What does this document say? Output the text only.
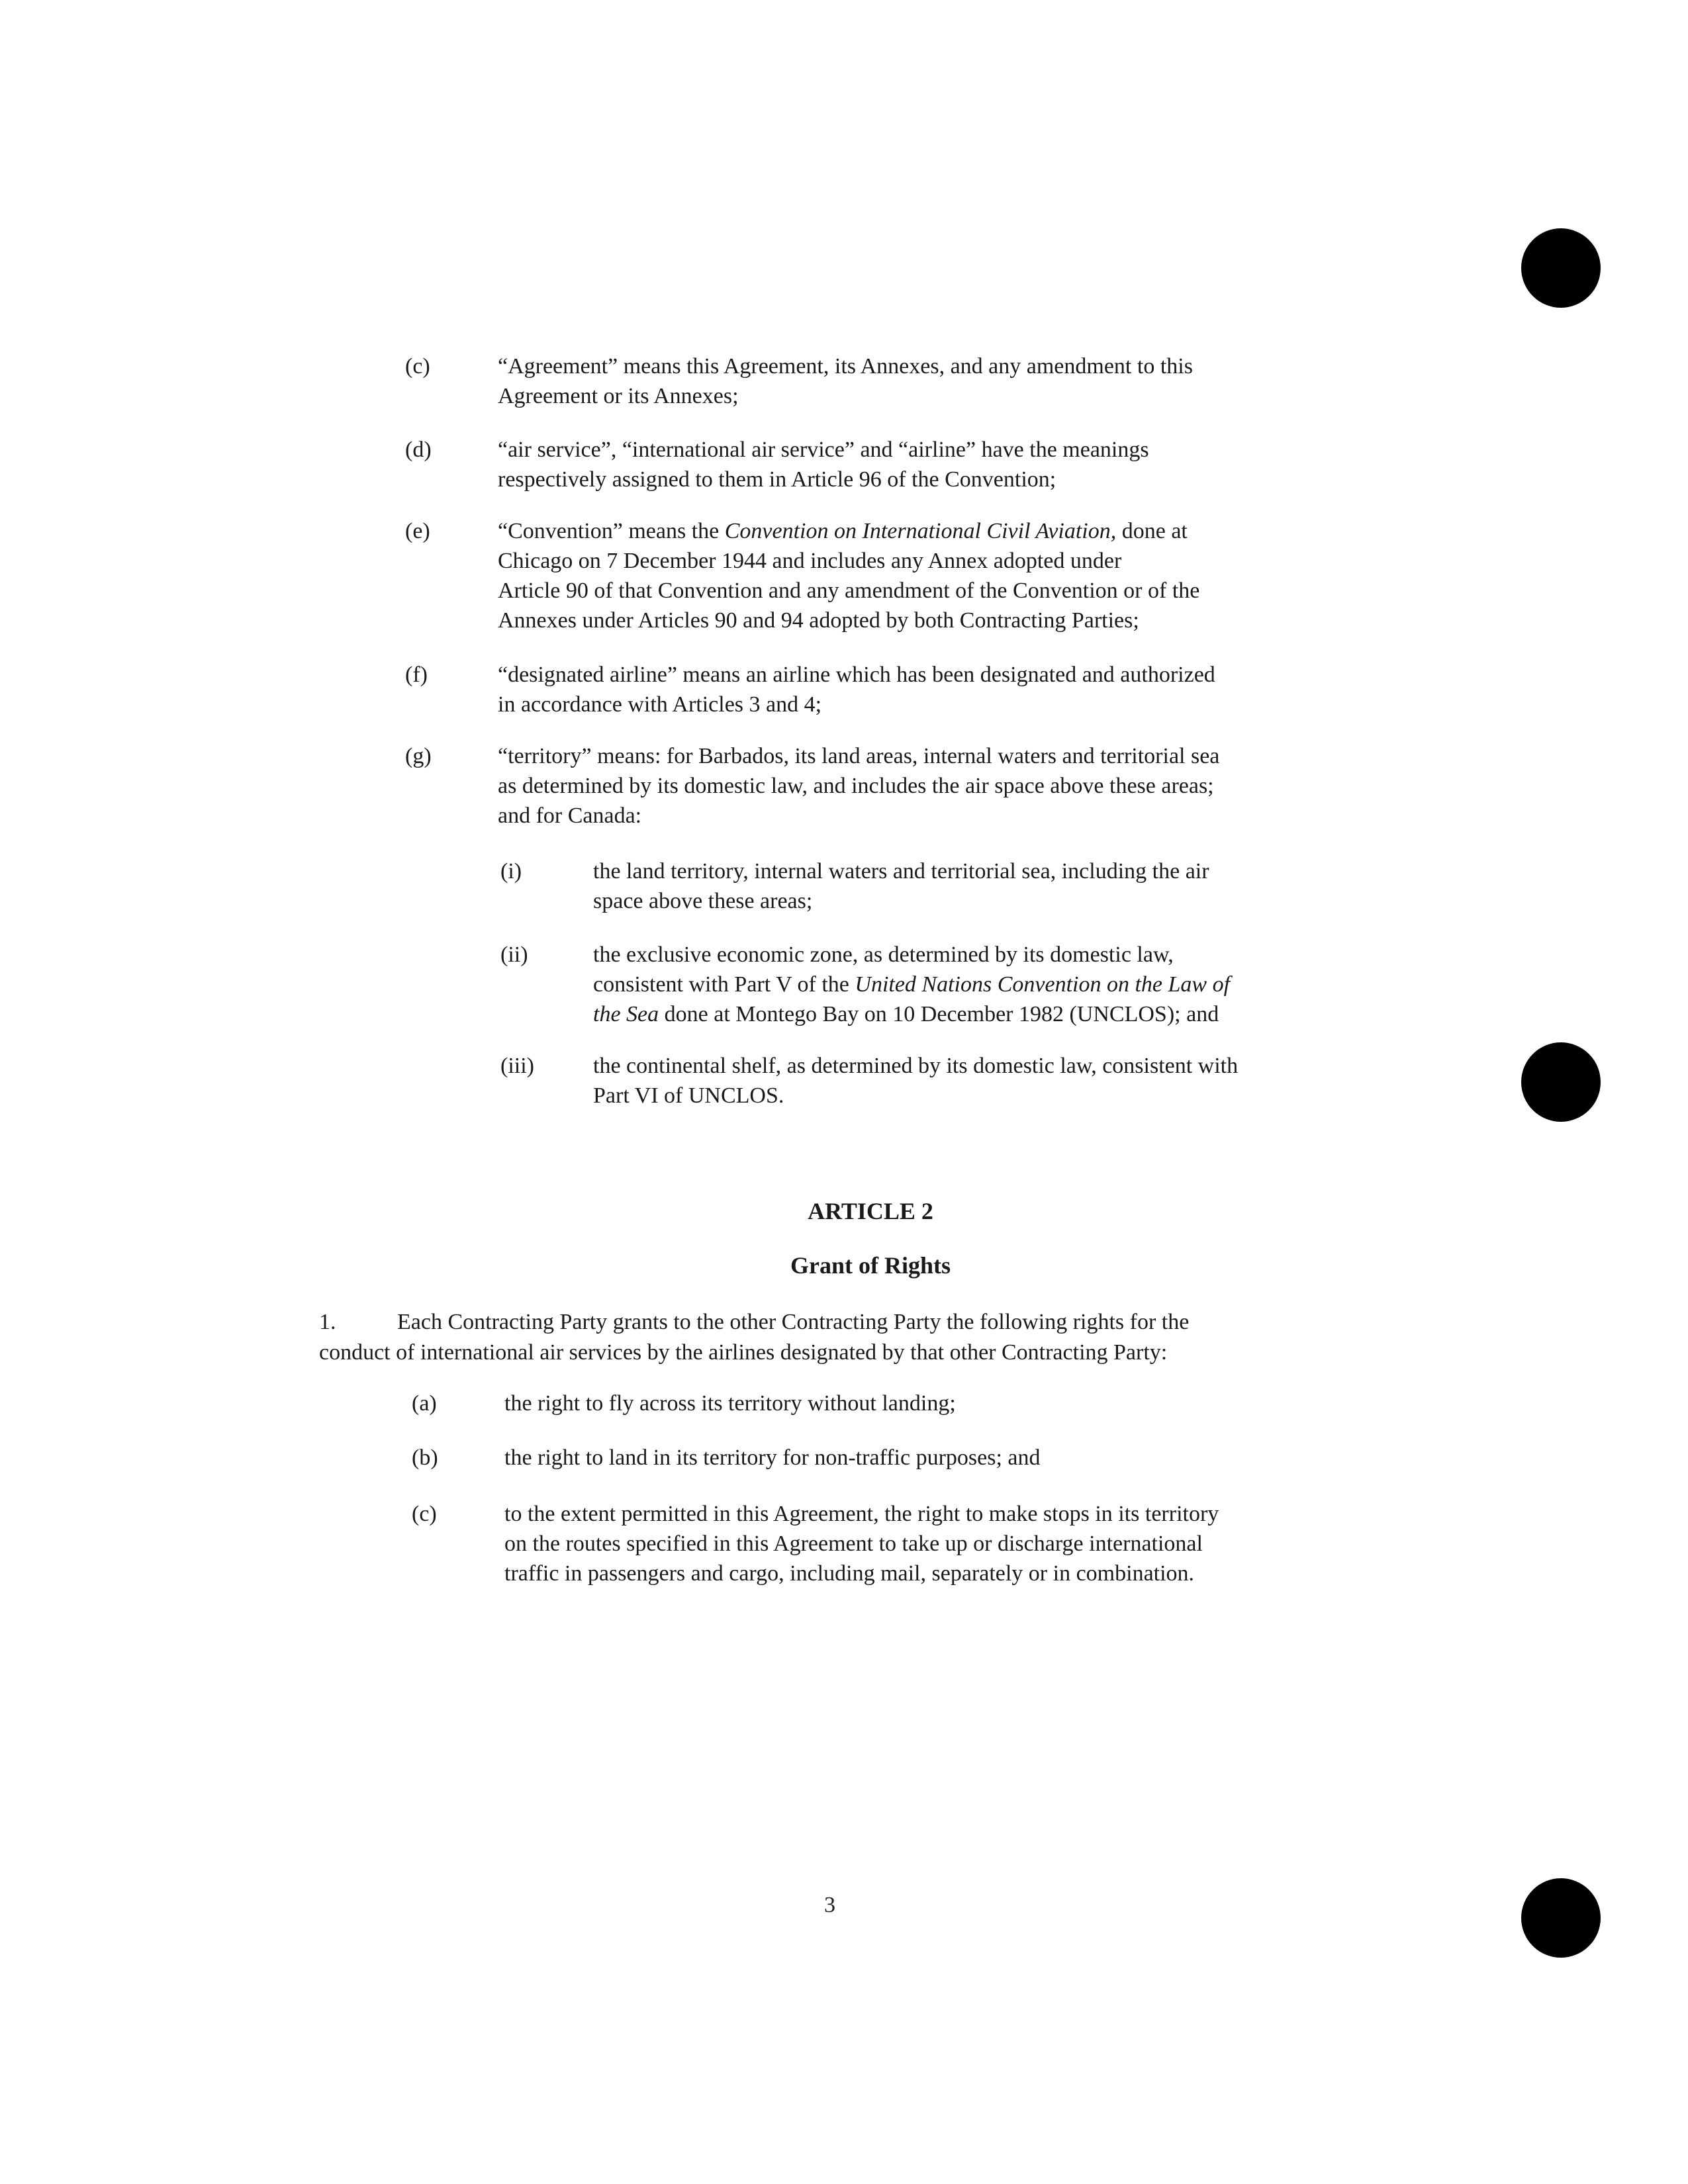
(c)	“Agreement” means this Agreement, its Annexes, and any amendment to this
Agreement or its Annexes;
(d)	“air service”, “international air service” and “airline” have the meanings
respectively assigned to them in Article 96 of the Convention;
(e)	“Convention” means the Convention on International Civil Aviation, done at
Chicago on 7 December 1944 and includes any Annex adopted under
Article 90 of that Convention and any amendment of the Convention or of the
Annexes under Articles 90 and 94 adopted by both Contracting Parties;
(f)	“designated airline” means an airline which has been designated and authorized
in accordance with Articles 3 and 4;
(g)	“territory” means: for Barbados, its land areas, internal waters and territorial sea
as determined by its domestic law, and includes the air space above these areas;
and for Canada:
(i)	the land territory, internal waters and territorial sea, including the air
space above these areas;
(ii)	the exclusive economic zone, as determined by its domestic law,
consistent with Part V of the United Nations Convention on the Law of
the Sea done at Montego Bay on 10 December 1982 (UNCLOS); and
(iii)	the continental shelf, as determined by its domestic law, consistent with
Part VI of UNCLOS.
ARTICLE 2
Grant of Rights
1.	Each Contracting Party grants to the other Contracting Party the following rights for the
conduct of international air services by the airlines designated by that other Contracting Party:
(a)	the right to fly across its territory without landing;
(b)	the right to land in its territory for non-traffic purposes; and
(c)	to the extent permitted in this Agreement, the right to make stops in its territory
on the routes specified in this Agreement to take up or discharge international
traffic in passengers and cargo, including mail, separately or in combination.
3
